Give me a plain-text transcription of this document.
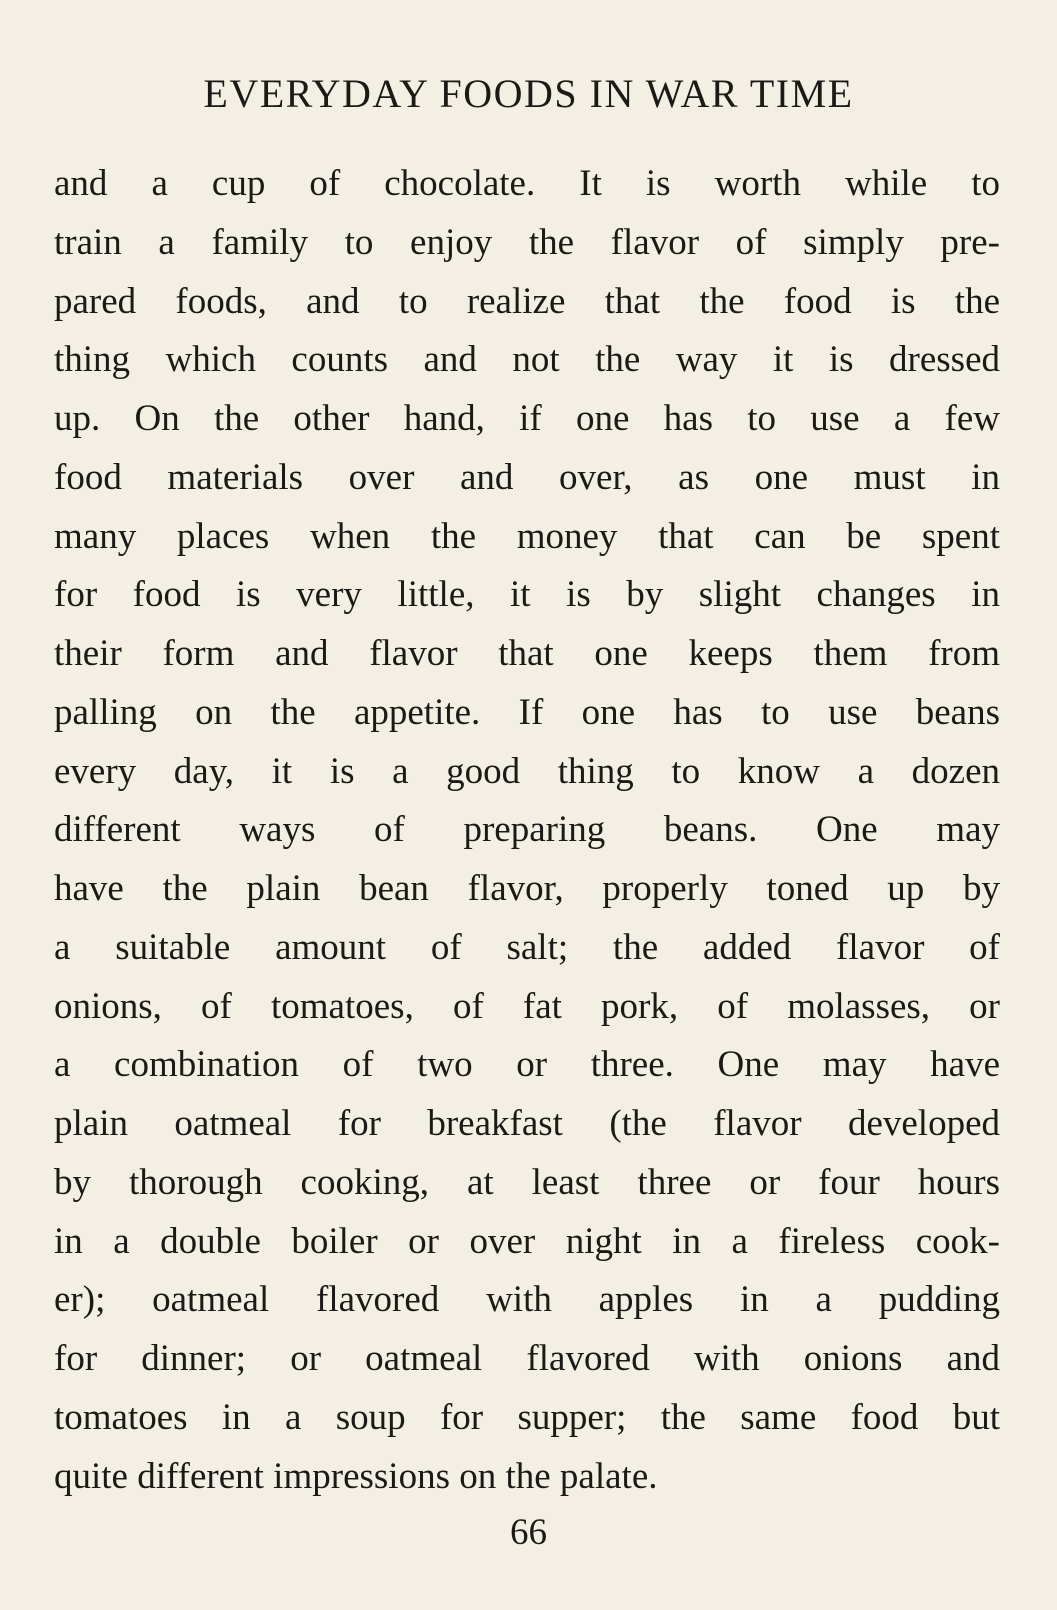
EVERYDAY FOODS IN WAR TIME
and a cup of chocolate. It is worth while to
train a family to enjoy the flavor of simply pre-
pared foods, and to realize that the food is the
thing which counts and not the way it is dressed
up. On the other hand, if one has to use a few
food materials over and over, as one must in
many places when the money that can be spent
for food is very little, it is by slight changes in
their form and flavor that one keeps them from
palling on the appetite. If one has to use beans
every day, it is a good thing to know a dozen
different ways of preparing beans. One may
have the plain bean flavor, properly toned up by
a suitable amount of salt; the added flavor of
onions, of tomatoes, of fat pork, of molasses, or
a combination of two or three. One may have
plain oatmeal for breakfast (the flavor developed
by thorough cooking, at least three or four hours
in a double boiler or over night in a fireless cook-
er); oatmeal flavored with apples in a pudding
for dinner; or oatmeal flavored with onions and
tomatoes in a soup for supper; the same food but
quite different impressions on the palate.
66
